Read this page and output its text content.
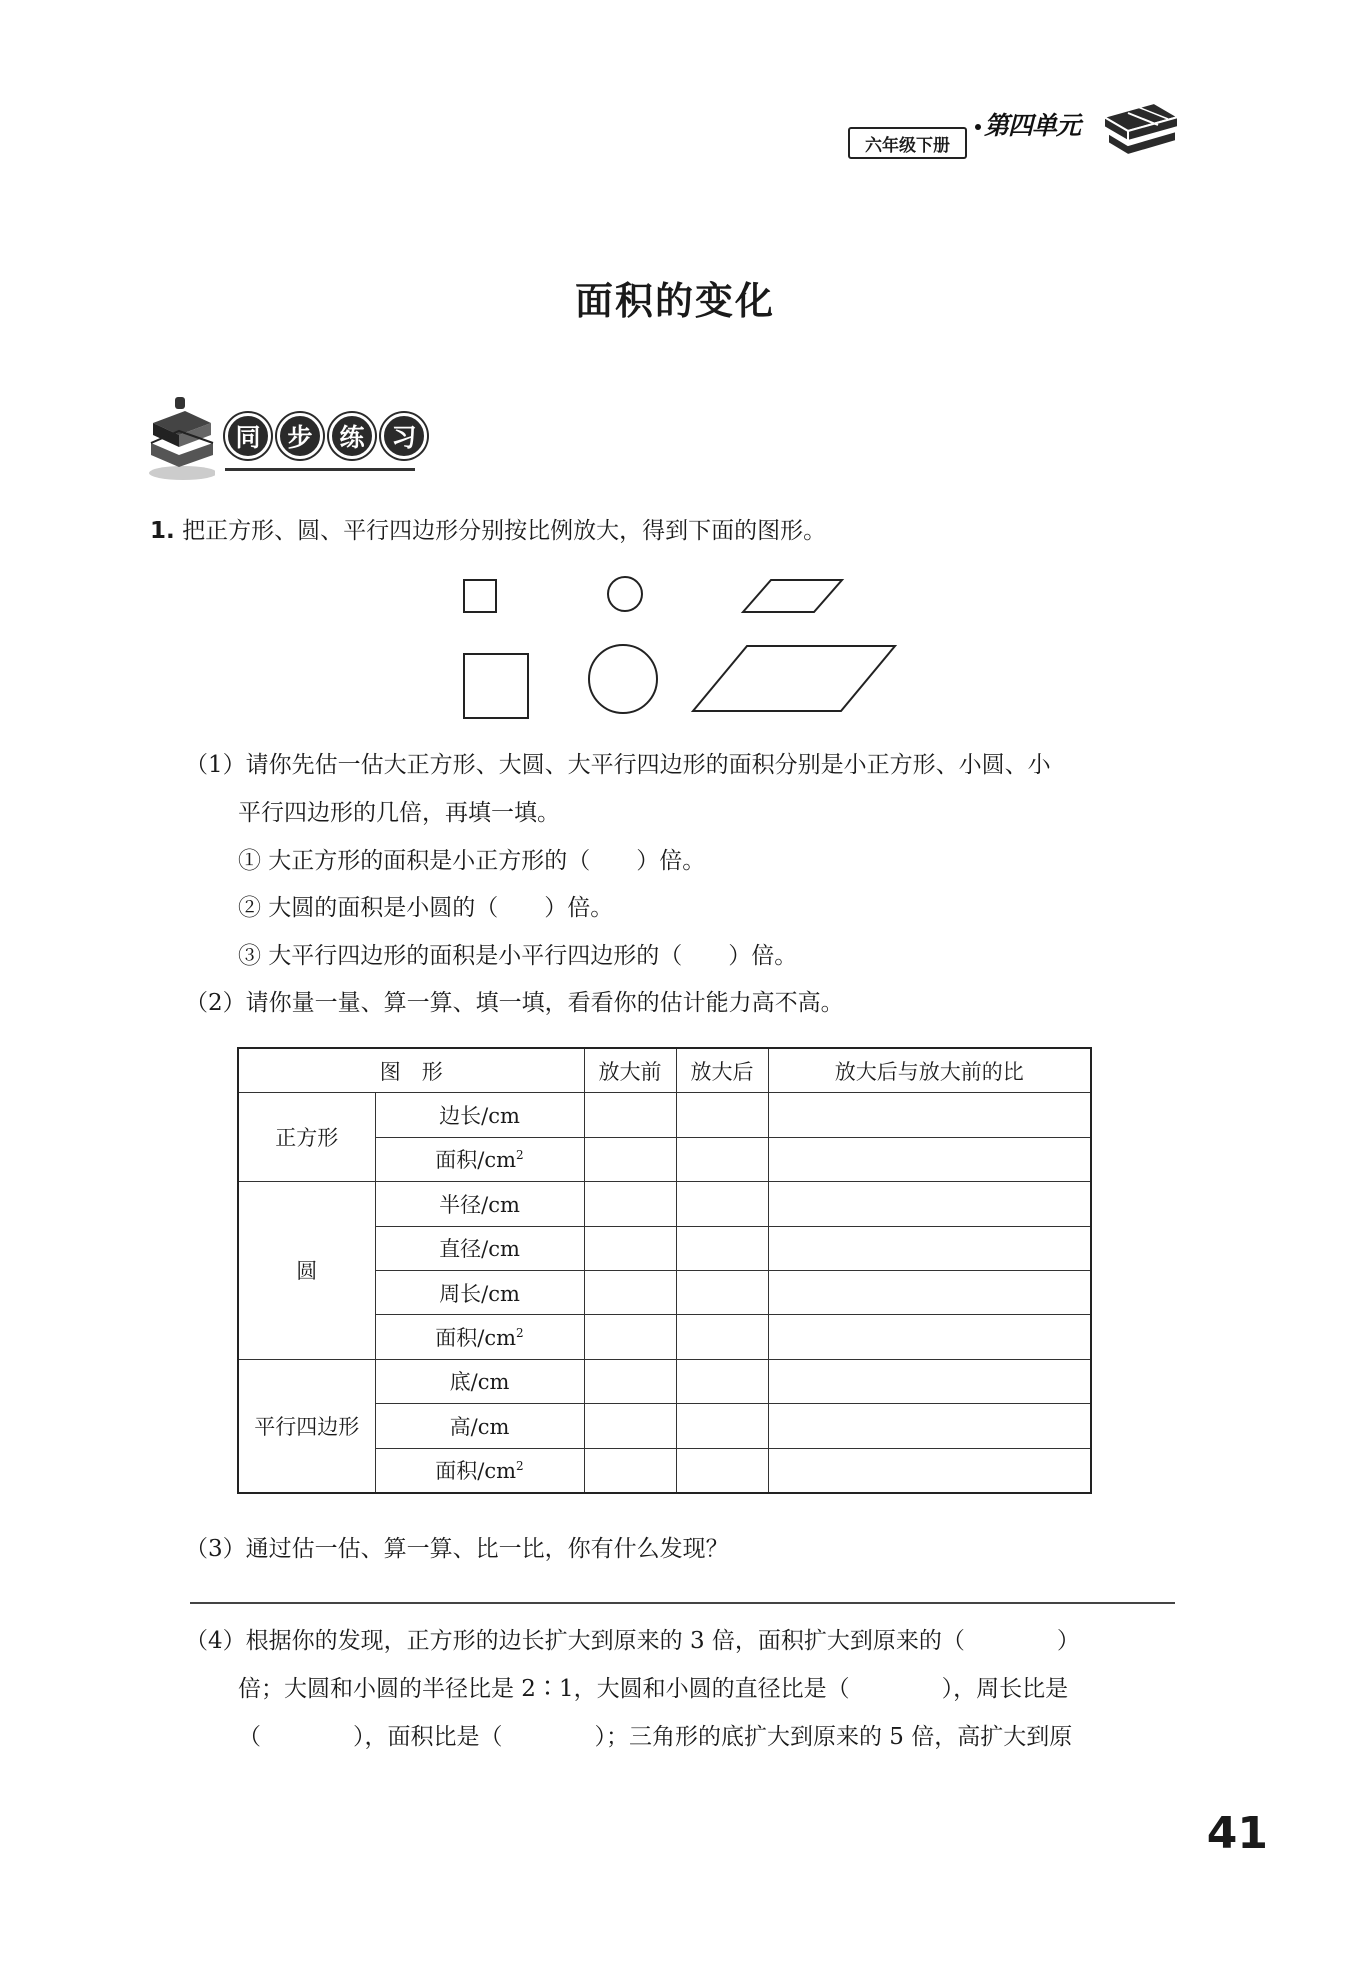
第四单元
六年级下册
面积的变化
同	步	练	习
1. 把正方形、圆、平行四边形分别按比例放大，得到下面的图形。
（1）请你先估一估大正方形、大圆、大平行四边形的面积分别是小正方形、小圆、小
平行四边形的几倍，再填一填。
① 大正方形的面积是小正方形的（　　）倍。
② 大圆的面积是小圆的（　　）倍。
③ 大平行四边形的面积是小平行四边形的（　　）倍。
（2）请你量一量、算一算、填一填，看看你的估计能力高不高。
图　形		放大前	放大后	放大后与放大前的比
正方形	边长/cm			
	面积$/cm^2$			
圆	半径/cm			
	直径/cm			
	周长/cm			
	面积$/cm^2$			
平行四边形	底/cm			
	高/cm			
	面积$/cm^2$			
（3）通过估一估、算一算、比一比，你有什么发现？
（4）根据你的发现，正方形的边长扩大到原来的 3 倍，面积扩大到原来的（　　　　）
倍；大圆和小圆的半径比是 2∶1，大圆和小圆的直径比是（　　　　），周长比是
（　　　　），面积比是（　　　　）；三角形的底扩大到原来的 5 倍，高扩大到原
41
